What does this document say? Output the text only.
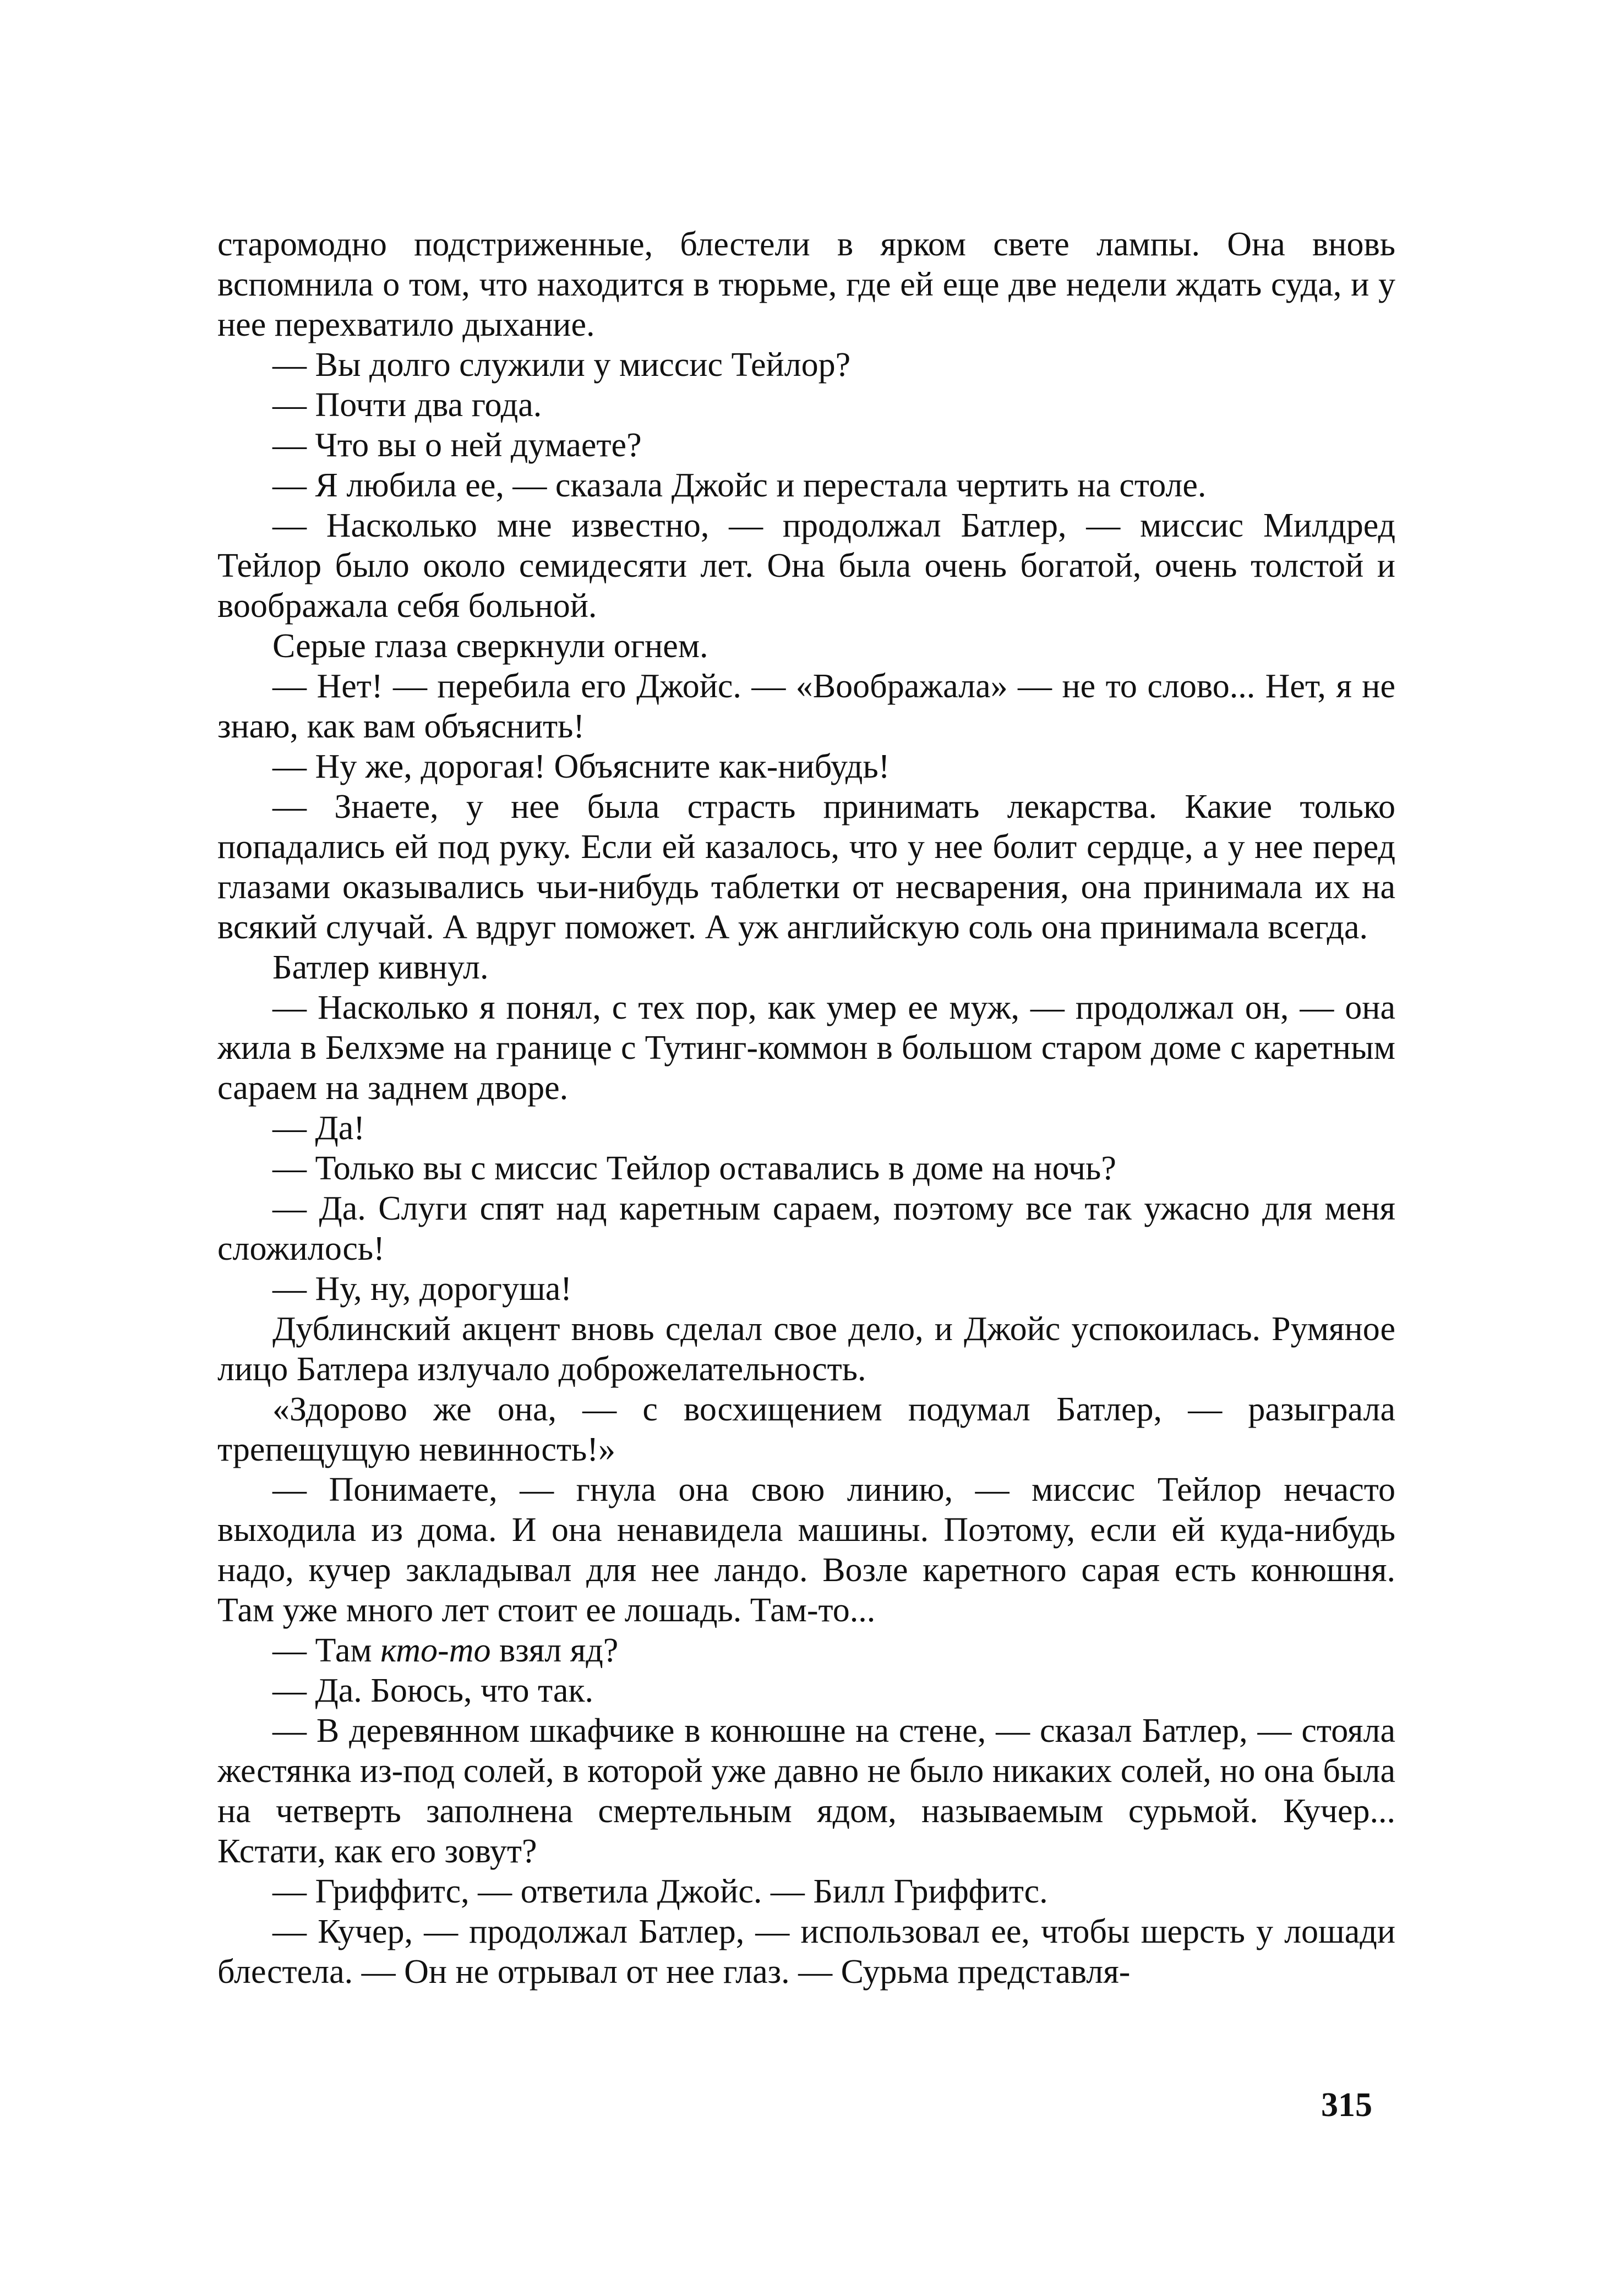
старомодно подстриженные, блестели в ярком свете лампы. Она вновь вспомнила о том, что находится в тюрьме, где ей еще две недели ждать суда, и у нее перехватило дыхание.

— Вы долго служили у миссис Тейлор?

— Почти два года.

— Что вы о ней думаете?

— Я любила ее, — сказала Джойс и перестала чертить на столе.

— Насколько мне известно, — продолжал Батлер, — миссис Милдред Тейлор было около семидесяти лет. Она была очень богатой, очень толстой и воображала себя больной.

Серые глаза сверкнули огнем.

— Нет! — перебила его Джойс. — «Воображала» — не то слово... Нет, я не знаю, как вам объяснить!

— Ну же, дорогая! Объясните как-нибудь!

— Знаете, у нее была страсть принимать лекарства. Какие только попадались ей под руку. Если ей казалось, что у нее болит сердце, а у нее перед глазами оказывались чьи-нибудь таблетки от несварения, она принимала их на всякий случай. А вдруг поможет. А уж английскую соль она принимала всегда.

Батлер кивнул.

— Насколько я понял, с тех пор, как умер ее муж, — продолжал он, — она жила в Белхэме на границе с Тутинг-коммон в большом старом доме с каретным сараем на заднем дворе.

— Да!

— Только вы с миссис Тейлор оставались в доме на ночь?

— Да. Слуги спят над каретным сараем, поэтому все так ужасно для меня сложилось!

— Ну, ну, дорогуша!

Дублинский акцент вновь сделал свое дело, и Джойс успокоилась. Румяное лицо Батлера излучало доброжелательность.

«Здорово же она, — с восхищением подумал Батлер, — разыграла трепещущую невинность!»

— Понимаете, — гнула она свою линию, — миссис Тейлор нечасто выходила из дома. И она ненавидела машины. Поэтому, если ей куда-нибудь надо, кучер закладывал для нее ландо. Возле каретного сарая есть конюшня. Там уже много лет стоит ее лошадь. Там-то...

— Там кто-то взял яд?

— Да. Боюсь, что так.

— В деревянном шкафчике в конюшне на стене, — сказал Батлер, — стояла жестянка из-под солей, в которой уже давно не было никаких солей, но она была на четверть заполнена смертельным ядом, называемым сурьмой. Кучер... Кстати, как его зовут?

— Гриффитс, — ответила Джойс. — Билл Гриффитс.

— Кучер, — продолжал Батлер, — использовал ее, чтобы шерсть у лошади блестела. — Он не отрывал от нее глаз. — Сурьма представля-

315
